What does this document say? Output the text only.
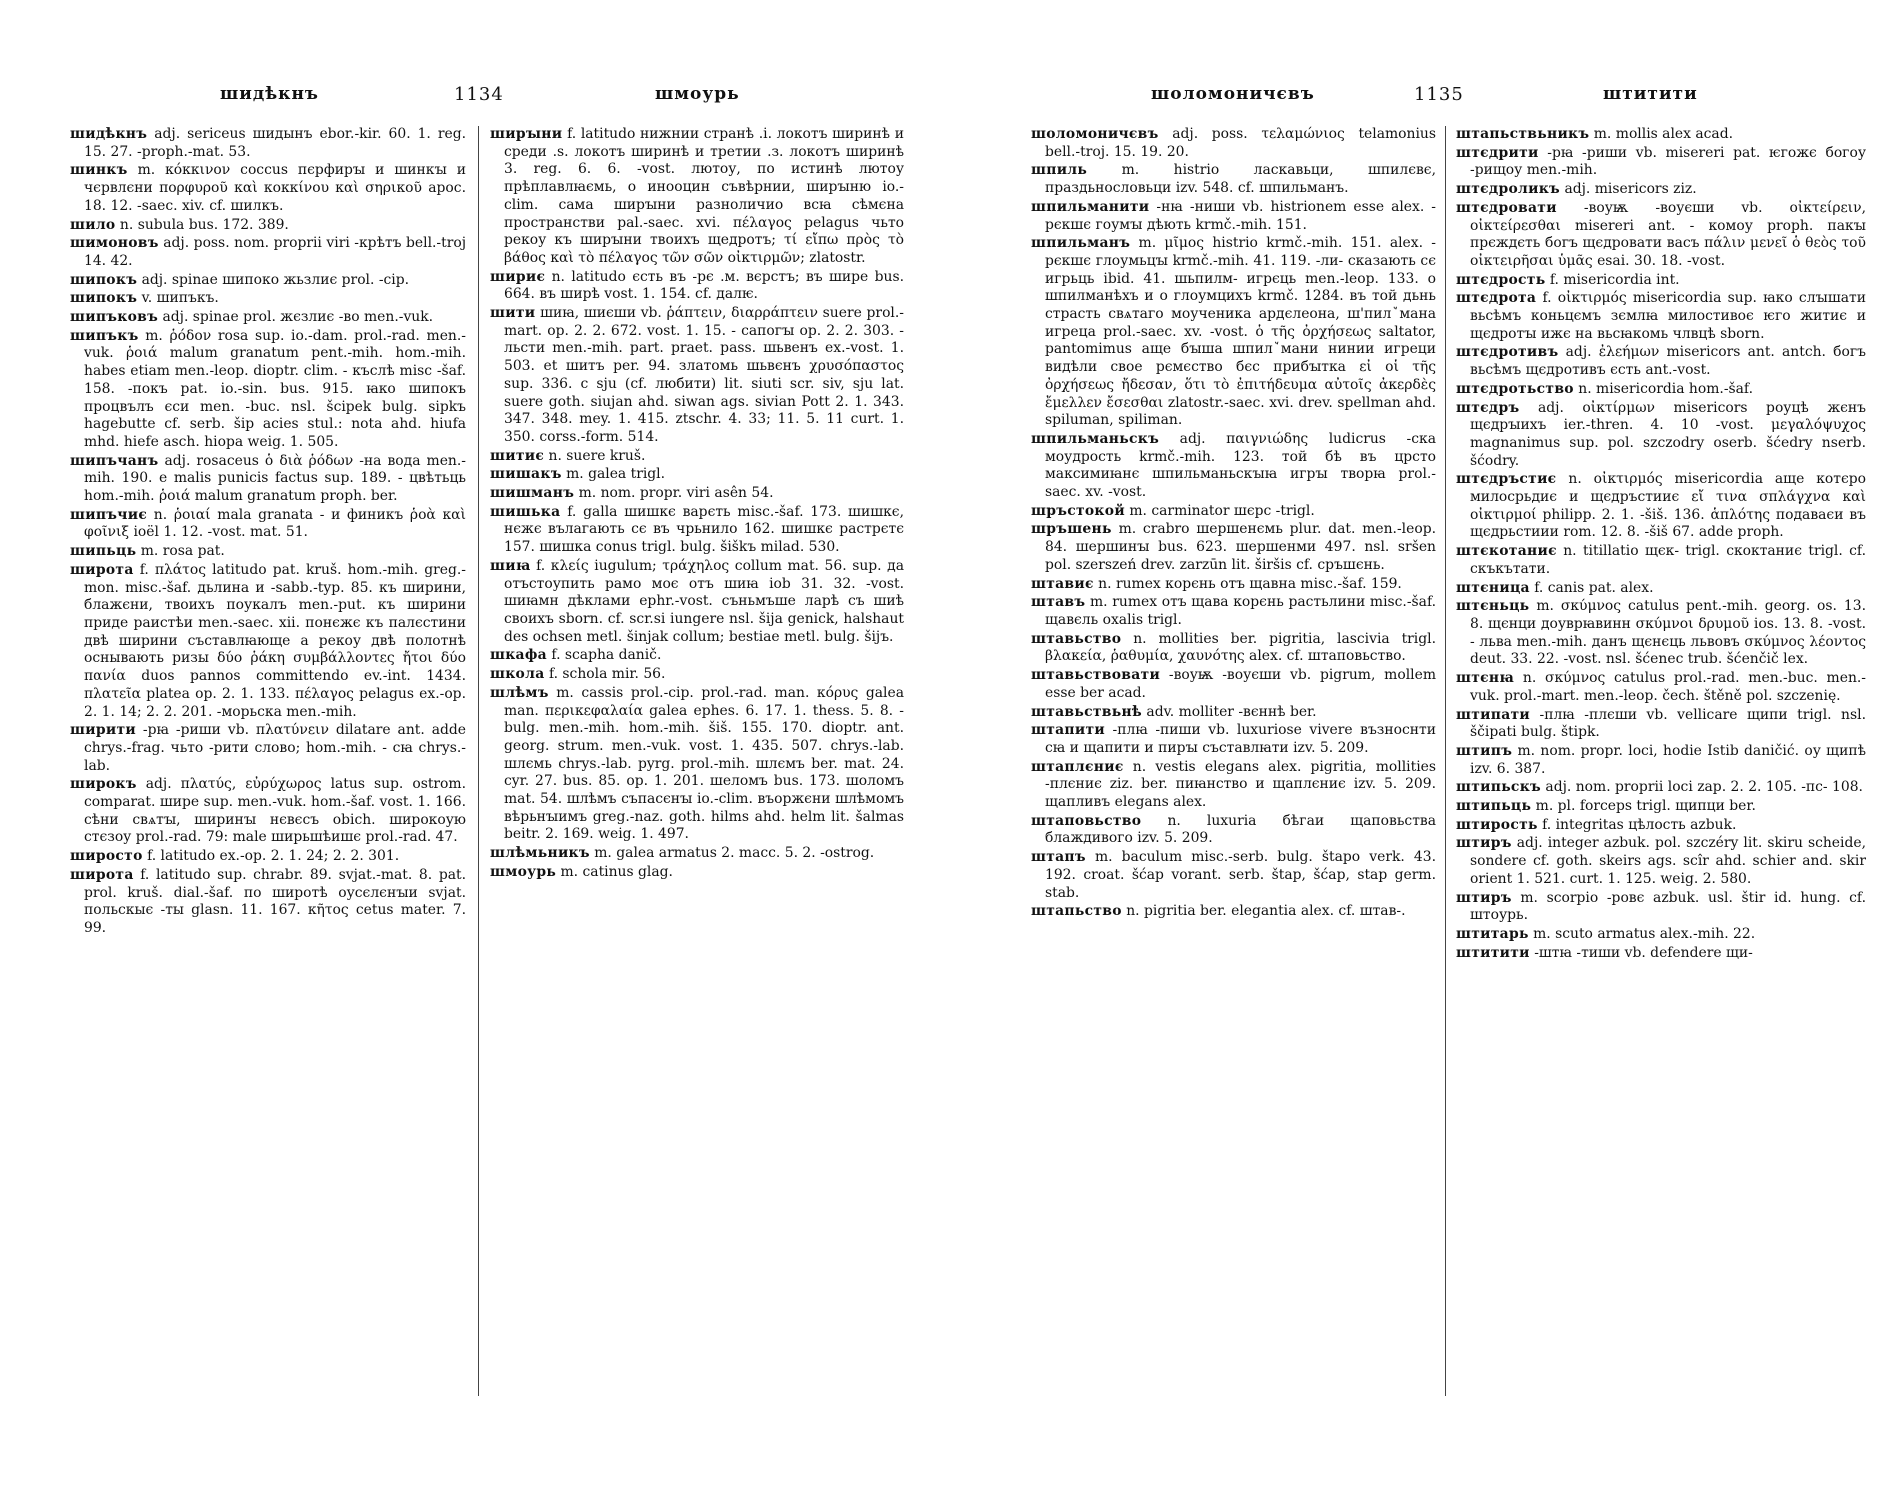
шидѣкнъ	1134	шмоурь
шидѣкнъ adj. sericeus шидынъ ebor.-kir. 60. 1. reg. 15. 27. -proph.-mat. 53.
шинкъ m. κόκκινον coccus пєрфирꙑ и шинкꙑ и чєрвлєни πορφυροῦ καὶ κοκκίνου καὶ σηρικοῦ apoc. 18. 12. -saec. xiv. cf. шилкъ.
шило n. subula bus. 172. 389.
шимоновъ adj. poss. nom. proprii viri -крѣтъ bell.-troj 14. 42.
шипокъ adj. spinae шипоко жьзлиє prol. -cip.
шипокъ v. шипъкъ.
шипъковъ adj. spinae prol. жєзлиє -во men.-vuk.
шипъкъ m. ῥόδον rosa sup. io.-dam. prol.-rad. men.-vuk. ῥοιά malum granatum pent.-mih. hom.-mih. habes etiam men.-leop. dioptr. clim. - къслѣ misc -šaf. 158. -покъ pat. io.-sin. bus. 915. ꙗко шипокъ процвълъ єси men. -buc. nsl. šcipek bulg. sipkъ hagebutte cf. serb. šip acies stul.: nota ahd. hiufa mhd. hiefe asch. hiopa weig. 1. 505.
шипъчанъ adj. rosaceus ὁ διὰ ῥόδων -на вода men.-mih. 190. e malis punicis factus sup. 189. - цвѣтьць hom.-mih. ῥοιά malum granatum proph. ber.
шипъчиє n. ῥοιαί mala granata - и финикъ ῥοὰ καὶ φοῖνιξ ioël 1. 12. -vost. mat. 51.
шипьць m. rosa pat.
широта f. πλάτος latitudo pat. kruš. hom.-mih. greg.-mon. misc.-šaf. дьлина и -sabb.-typ. 85. къ ширини, блажєни, твоихъ поукалъ men.-put. къ ширини приде раистѣи men.-saec. xii. понєжє къ палєстини двѣ ширини съставлꙗюще а рекоу двѣ полотнѣ оснывають ризы δύο ῥάκη συμβάλλοντες ἤτοι δύο πανία duos pannos committendo ev.-int. 1434. πλατεῖα platea op. 2. 1. 133. πέλαγος pelagus ex.-op. 2. 1. 14; 2. 2. 201. -морьска men.-mih.
ширити -рꙗ -риши vb. πλατύνειν dilatare ant. adde chrys.-frag. чьто -рити слово; hom.-mih. - сꙗ chrys.-lab.
широкъ adj. πλατύς, εὐρύχωρος latus sup. ostrom. comparat. шире sup. men.-vuk. hom.-šaf. vost. 1. 166. сѣни свѧтꙑ, ширинꙑ нєвєсъ obich. широкоую стєзоу prol.-rad. 79: male ширьшѣишє prol.-rad. 47.
широсто f. latitudo ex.-op. 2. 1. 24; 2. 2. 301.
широта f. latitudo sup. chrabr. 89. svjat.-mat. 8. pat. prol. kruš. dial.-šaf. по широтѣ оусєлєнꙑи svjat. польскыє -ты glasn. 11. 167. κῆτος cetus mater. 7. 99.
ширꙑни f. latitudo нижнии странѣ .і. локотъ ширинѣ и среди .ѕ. локотъ ширинѣ и третии .з. локотъ ширинѣ 3. reg. 6. 6. -vost. лютоу, по истинѣ лютоу прѣплавлꙗємь, о инооцин съвѣрнии, ширꙑню io.-clim. сама ширꙑни разноличио всꙗ сѣмєна пространстви pal.-saec. xvi. πέλαγος pelagus чьто рекоу къ ширꙑни твоихъ щедротъ; τί εἴπω πρὸς τὸ βάθος καὶ τὸ πέλαγος τῶν σῶν οἰκτιρμῶν; zlatostr.
шириє n. latitudo єсть въ -рє .м. вєрстъ; въ шире bus. 664. въ ширѣ vost. 1. 154. cf. далѥ.
шити шиꙗ, шиєши vb. ῥάπτειν, διαρράπτειν suere prol.-mart. op. 2. 2. 672. vost. 1. 15. - сапогꙑ op. 2. 2. 303. - льсти men.-mih. part. praet. pass. шьвенъ ex.-vost. 1. 503. et шитъ per. 94. златомь шьвєнъ χρυσόπαστος sup. 336. c sju (cf. любити) lit. siuti scr. siv, sju lat. suere goth. siujan ahd. siwan ags. sivian Pott 2. 1. 343. 347. 348. mey. 1. 415. ztschr. 4. 33; 11. 5. 11 curt. 1. 350. corss.-form. 514.
шитиє n. suere kruš.
шишакъ m. galea trigl.
шишманъ m. nom. propr. viri asên 54.
шишька f. galla шишкє варєть misc.-šaf. 173. шишкє, нєжє вълагають сє въ чрьнило 162. шишкє растрєтє 157. шишка conus trigl. bulg. šiškъ milad. 530.
шиꙗ f. κλείς iugulum; τράχηλος collum mat. 56. sup. да отъстоупить рамо моє отъ шиꙗ iob 31. 32. -vost. шиꙗмн дѣклами ephr.-vost. съньмъше ларѣ съ шиѣ своихъ sborn. cf. scr.si iungere nsl. šija genick, halshaut des ochsen metl. šinjak collum; bestiae metl. bulg. šijъ.
шкафа f. scapha danič.
школа f. schola mir. 56.
шлѣмъ m. cassis prol.-cip. prol.-rad. man. κόρυς galea man. περικεφαλαία galea ephes. 6. 17. 1. thess. 5. 8. -bulg. men.-mih. hom.-mih. šiš. 155. 170. dioptr. ant. georg. strum. men.-vuk. vost. 1. 435. 507. chrys.-lab. шлємь chrys.-lab. pyrg. prol.-mih. шлємъ ber. mat. 24. cyr. 27. bus. 85. op. 1. 201. шеломъ bus. 173. шоломъ mat. 54. шлѣмъ съпасєнꙑ io.-clim. въоржєни шлѣмомъ вѣрьнꙑимъ greg.-naz. goth. hilms ahd. helm lit. šalmas beitr. 2. 169. weig. 1. 497.
шлѣмьникъ m. galea armatus 2. macc. 5. 2. -ostrog.
шмоурь m. catinus glag.
шоломоничєвъ	1135	штитити
шоломоничєвъ adj. poss. τελαμώνιος telamonius bell.-troj. 15. 19. 20.
шпиль m. histrio ласкавьци, шпилєвє, праздьнословьци izv. 548. cf. шпильманъ.
шпильманити -нꙗ -ниши vb. histrionem esse alex. - рєкшє гоумꙑ дѣють krmč.-mih. 151.
шпильманъ m. μῖμος histrio krmč.-mih. 151. alex. - рєкшє глоумьцꙑ krmč.-mih. 41. 119. -ли- сказають сє игрьць ibid. 41. шьпилм- игрєць men.-leop. 133. о шпилманѣхъ и о глоумцихъ krmč. 1284. въ той дьнь страсть свѧтаго моученика ардєлеона, ш'пилꙿмана игреца prol.-saec. xv. -vost. ὁ τῆς ὀρχήσεως saltator, pantomimus аще бꙑша шпилꙿмани нинии игреци видѣли свое рємєство бєс прибꙑтка εἰ οἱ τῆς ὀρχήσεως ἤδεσαν, ὅτι τὸ ἐπιτήδευμα αὐτοῖς ἀκερδὲς ἔμελλεν ἔσεσθαι zlatostr.-saec. xvi. drev. spellman ahd. spiluman, spiliman.
шпильманьскъ adj. παιγνιώδης ludicrus -ска моудрость krmč.-mih. 123. той бѣ въ црсто максимиꙗнє шпильманьскꙑꙗ игрꙑ творꙗ prol.-saec. xv. -vost.
шръстокой m. carminator шєрс -trigl.
шръшень m. crabro шершенємь plur. dat. men.-leop. 84. шершинꙑ bus. 623. шершенми 497. nsl. sršen pol. szerszeń drev. zarzūn lit. širšis cf. сръшєнь.
штавиє n. rumex корєнь отъ щавна misc.-šaf. 159.
штавъ m. rumex отъ щава корєнь растьлини misc.-šaf. щавєль oxalis trigl.
штавьство n. mollities ber. pigritia, lascivia trigl. βλακεία, ῥαθυμία, χαυνότης alex. cf. штаповьство.
штавьствовати -воуѭ -воуєши vb. pigrum, mollem esse ber acad.
штавьствьнѣ adv. molliter -вєннѣ ber.
штапити -плꙗ -пиши vb. luxuriose vivere възноснти сꙗ и щапити и пирꙑ съставлꙗти izv. 5. 209.
штаплєниє n. vestis elegans alex. pigritia, mollities -плєниє ziz. ber. пиꙗнство и щаплєниє izv. 5. 209. щапливъ elegans alex.
штаповьство n. luxuria бѣгаи щаповьства блаждивого izv. 5. 209.
штапъ m. baculum misc.-serb. bulg. štapo verk. 43. 192. croat. šćap vorant. serb. štap, šćap, stap germ. stab.
штапьство n. pigritia ber. elegantia alex. cf. штав-.
штапьствьникъ m. mollis alex acad.
штєдрити -рꙗ -риши vb. misereri pat. ѥгожє богоу -рищоу men.-mih.
штєдроликъ adj. misericors ziz.
штєдровати -воуѭ -воуєши vb. οἰκτείρειν, οἰκτείρεσθαι misereri ant. - комоу proph. пакꙑ прєждєть богъ щєдровати васъ πάλιν μενεῖ ὁ θεὸς τοῦ οἰκτειρῆσαι ὑμᾶς esai. 30. 18. -vost.
штєдрость f. misericordia int.
штєдрота f. οἰκτιρμός misericordia sup. ꙗко слꙑшати вьсѣмъ коньцємъ зємлꙗ милостивоє ѥго житиє и щєдротꙑ ижє на вьсꙗкомь члвцѣ sborn.
штєдротивъ adj. ἐλεήμων misericors ant. antch. богъ вьсѣмъ щєдротивъ єсть ant.-vost.
штєдротьство n. misericordia hom.-šaf.
штєдръ adj. οἰκτίρμων misericors роуцѣ жєнъ щєдрꙑихъ ier.-thren. 4. 10 -vost. μεγαλόψυχος magnanimus sup. pol. szczodry oserb. šćedry nserb. šćodry.
штєдръстиє n. οἰκτιρμός misericordia аще котєро милосрьдиє и щєдръстииє εἴ τινα σπλάγχνα καὶ οἰκτιρμοί philipp. 2. 1. -šiš. 136. ἁπλότης подаваєи въ щєдрьстиии rom. 12. 8. -šiš 67. adde proph.
штєкотаниє n. titillatio щєк- trigl. скоктаниє trigl. cf. скъкътати.
штєница f. canis pat. alex.
штєньць m. σκύμνος catulus pent.-mih. georg. os. 13. 8. щєнци доуврꙗвинн σκύμνοι δρυμοῦ ios. 13. 8. -vost. - льва men.-mih. данъ щєнєць львовъ σκύμνος λέοντος deut. 33. 22. -vost. nsl. šćenec trub. šćenčič lex.
штєнꙗ n. σκύμνος catulus prol.-rad. men.-buc. men.-vuk. prol.-mart. men.-leop. čech. štěně pol. szczenię.
штипати -плꙗ -плєши vb. vellicare щипи trigl. nsl. ščipati bulg. štipk.
штипъ m. nom. propr. loci, hodie Istib daničić. оу щипѣ izv. 6. 387.
штипьскъ adj. nom. proprii loci zap. 2. 2. 105. -пс- 108.
штипьць m. pl. forceps trigl. щипци ber.
штирость f. integritas цѣлость azbuk.
штиръ adj. integer azbuk. pol. szczéry lit. skiru scheide, sondere cf. goth. skeirs ags. scîr ahd. schier and. skir orient 1. 521. curt. 1. 125. weig. 2. 580.
штиръ m. scorpio -ровє azbuk. usl. štir id. hung. cf. штоурь.
штитарь m. scuto armatus alex.-mih. 22.
штитити -штꙗ -тиши vb. defendere щи-
